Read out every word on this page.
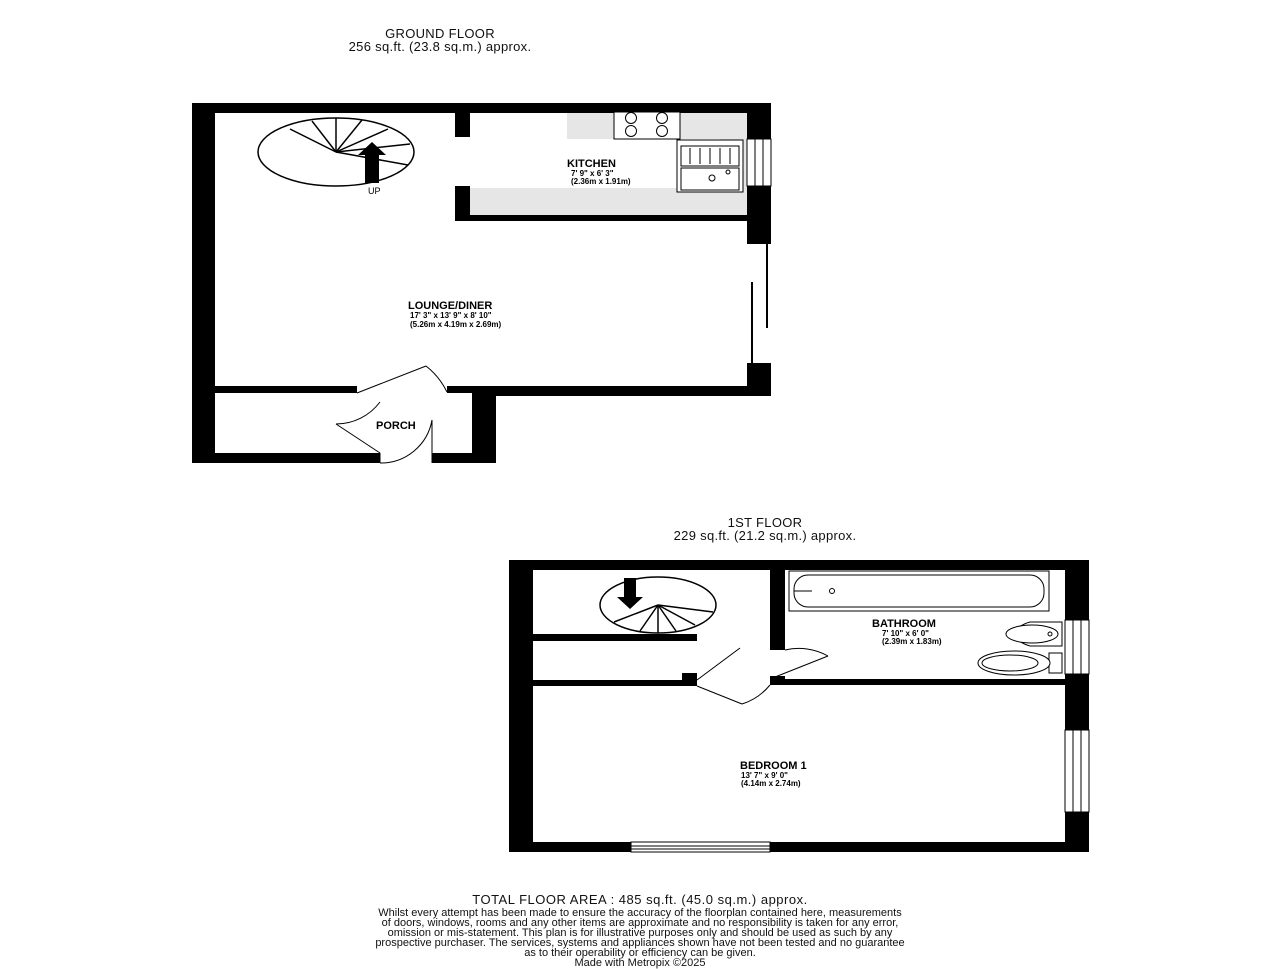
GROUND FLOOR
256 sq.ft. (23.8 sq.m.) approx.
1ST FLOOR
229 sq.ft. (21.2 sq.m.) approx.
UP
KITCHEN
7' 9" x 6' 3"
(2.36m x 1.91m)
LOUNGE/DINER
17' 3" x 13' 9" x 8' 10"
(5.26m x 4.19m x 2.69m)
PORCH
BATHROOM
7' 10" x 6' 0"
(2.39m x 1.83m)
BEDROOM 1
13' 7" x 9' 0"
(4.14m x 2.74m)
TOTAL FLOOR AREA : 485 sq.ft. (45.0 sq.m.) approx.
Whilst every attempt has been made to ensure the accuracy of the floorplan contained here, measurements
of doors, windows, rooms and any other items are approximate and no responsibility is taken for any error,
omission or mis-statement. This plan is for illustrative purposes only and should be used as such by any
prospective purchaser. The services, systems and appliances shown have not been tested and no guarantee
as to their operability or efficiency can be given.
Made with Metropix ©2025
